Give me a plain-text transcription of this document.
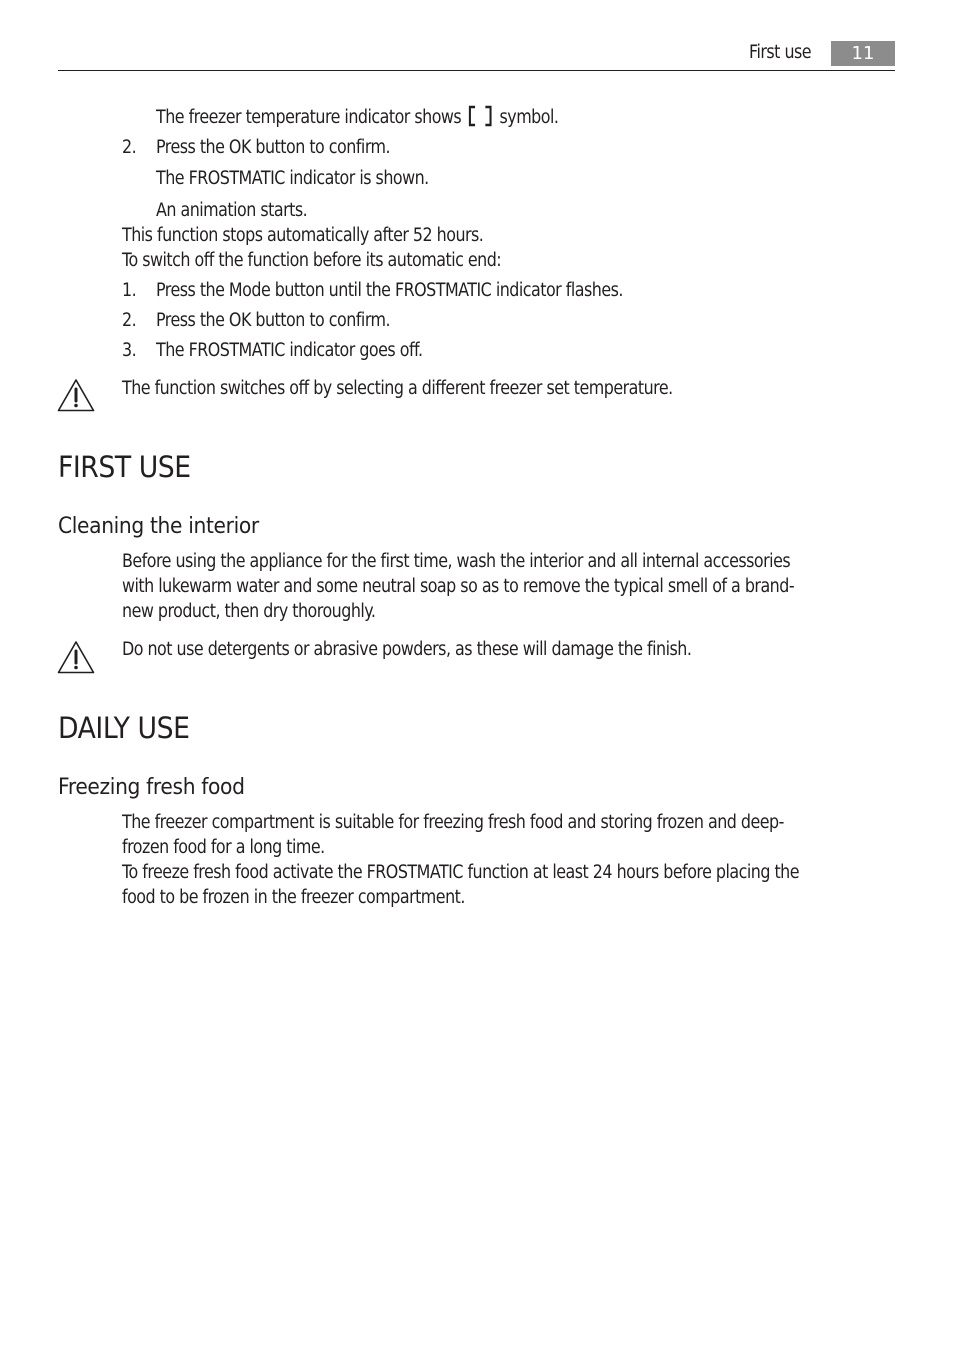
First use	11
The freezer temperature indicator shows symbol.
2. Press the OK button to confirm.
The FROSTMATIC indicator is shown.
An animation starts.
This function stops automatically after 52 hours.
To switch off the function before its automatic end:
1. Press the Mode button until the FROSTMATIC indicator flashes.
2. Press the OK button to confirm.
3. The FROSTMATIC indicator goes off.
The function switches off by selecting a different freezer set temperature.
FIRST USE
Cleaning the interior
Before using the appliance for the first time, wash the interior and all internal accessories
with lukewarm water and some neutral soap so as to remove the typical smell of a brand-
new product, then dry thoroughly.
Do not use detergents or abrasive powders, as these will damage the finish.
DAILY USE
Freezing fresh food
The freezer compartment is suitable for freezing fresh food and storing frozen and deep-
frozen food for a long time.
To freeze fresh food activate the FROSTMATIC function at least 24 hours before placing the
food to be frozen in the freezer compartment.
